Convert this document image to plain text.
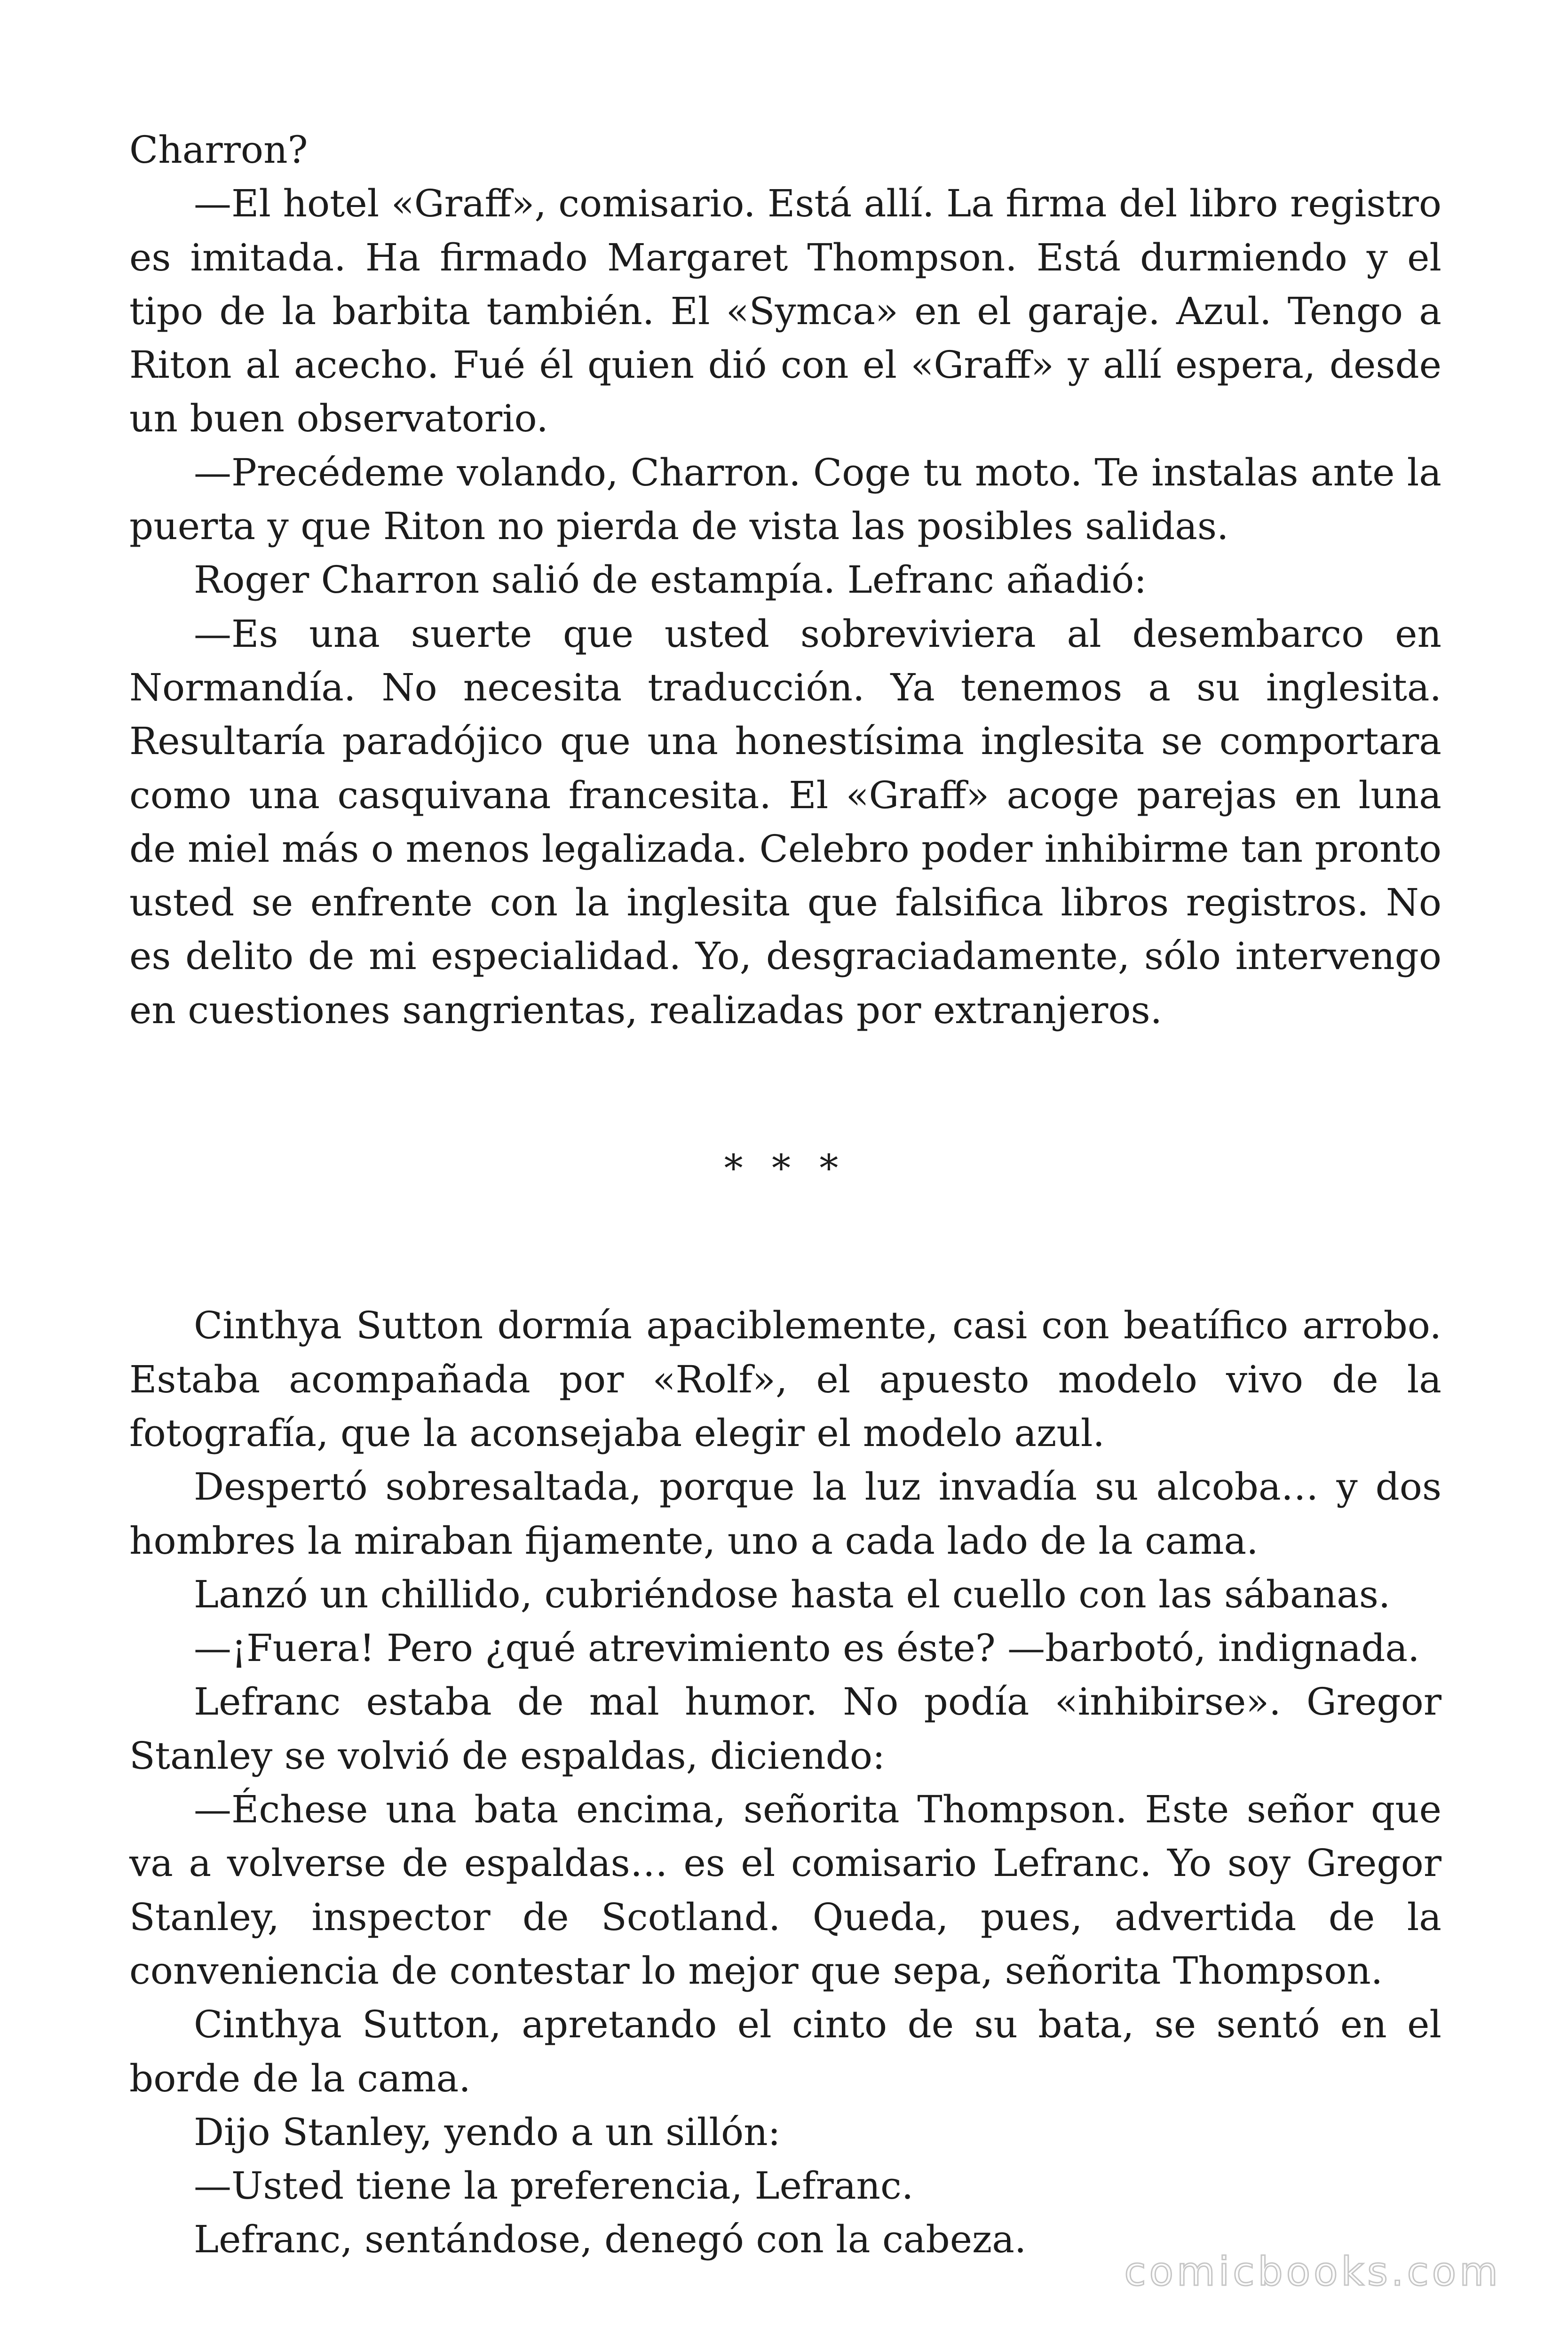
Charron?

—El hotel «Graff», comisario. Está allí. La firma del libro registro es imitada. Ha firmado Margaret Thompson. Está durmiendo y el tipo de la barbita también. El «Symca» en el garaje. Azul. Tengo a Riton al acecho. Fué él quien dió con el «Graff» y allí espera, desde un buen observatorio.

—Precédeme volando, Charron. Coge tu moto. Te instalas ante la puerta y que Riton no pierda de vista las posibles salidas.

Roger Charron salió de estampía. Lefranc añadió:

—Es una suerte que usted sobreviviera al desembarco en Normandía. No necesita traducción. Ya tenemos a su inglesita. Resultaría paradójico que una honestísima inglesita se comportara como una casquivana francesita. El «Graff» acoge parejas en luna de miel más o menos legalizada. Celebro poder inhibirme tan pronto usted se enfrente con la inglesita que falsifica libros registros. No es delito de mi especialidad. Yo, desgraciadamente, sólo intervengo en cuestiones sangrientas, realizadas por extranjeros.

* * *

Cinthya Sutton dormía apaciblemente, casi con beatífico arrobo. Estaba acompañada por «Rolf», el apuesto modelo vivo de la fotografía, que la aconsejaba elegir el modelo azul.

Despertó sobresaltada, porque la luz invadía su alcoba… y dos hombres la miraban fijamente, uno a cada lado de la cama.

Lanzó un chillido, cubriéndose hasta el cuello con las sábanas.

—¡Fuera! Pero ¿qué atrevimiento es éste? —barbotó, indignada.

Lefranc estaba de mal humor. No podía «inhibirse». Gregor Stanley se volvió de espaldas, diciendo:

—Échese una bata encima, señorita Thompson. Este señor que va a volverse de espaldas… es el comisario Lefranc. Yo soy Gregor Stanley, inspector de Scotland. Queda, pues, advertida de la conveniencia de contestar lo mejor que sepa, señorita Thompson.

Cinthya Sutton, apretando el cinto de su bata, se sentó en el borde de la cama.

Dijo Stanley, yendo a un sillón:

—Usted tiene la preferencia, Lefranc.

Lefranc, sentándose, denegó con la cabeza.

comicbooks.com
